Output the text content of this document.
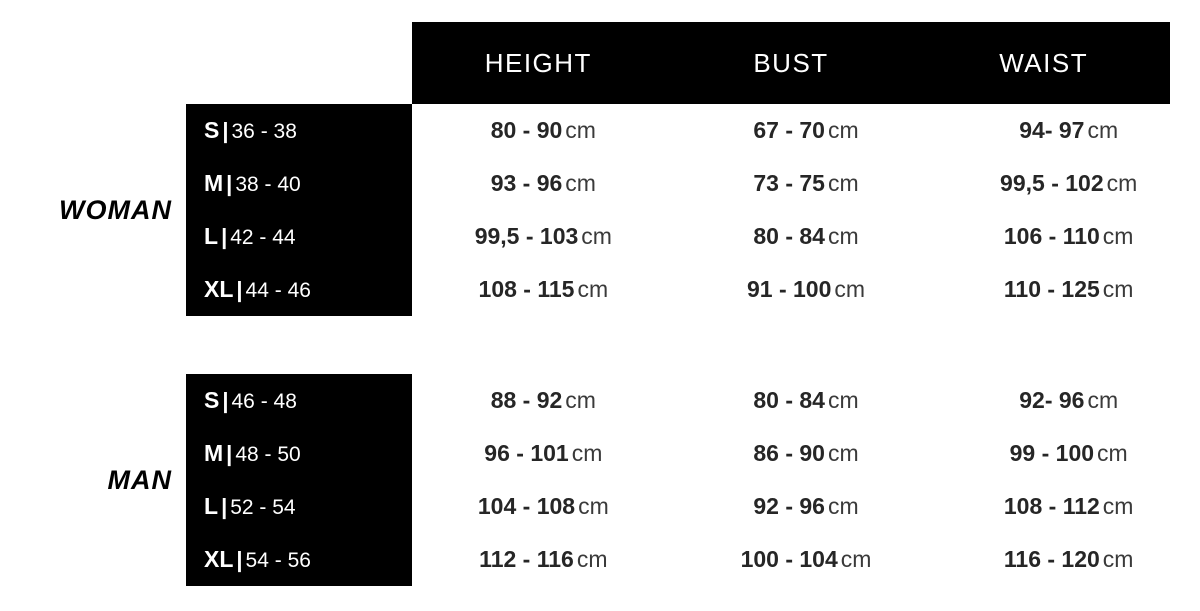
HEIGHT	BUST	WAIST
WOMAN
S | 36 - 38	80 - 90 cm	67 - 70 cm	94- 97 cm
M | 38 - 40	93 - 96 cm	73 - 75 cm	99,5 - 102 cm
L | 42 - 44	99,5 - 103 cm	80 - 84 cm	106 - 110 cm
XL | 44 - 46	108 - 115 cm	91 - 100 cm	110 - 125 cm
MAN
S | 46 - 48	88 - 92 cm	80 - 84 cm	92- 96 cm
M | 48 - 50	96 - 101 cm	86 - 90 cm	99 - 100 cm
L | 52 - 54	104 - 108 cm	92 - 96 cm	108 - 112 cm
XL | 54 - 56	112 - 116 cm	100 - 104 cm	116 - 120 cm
